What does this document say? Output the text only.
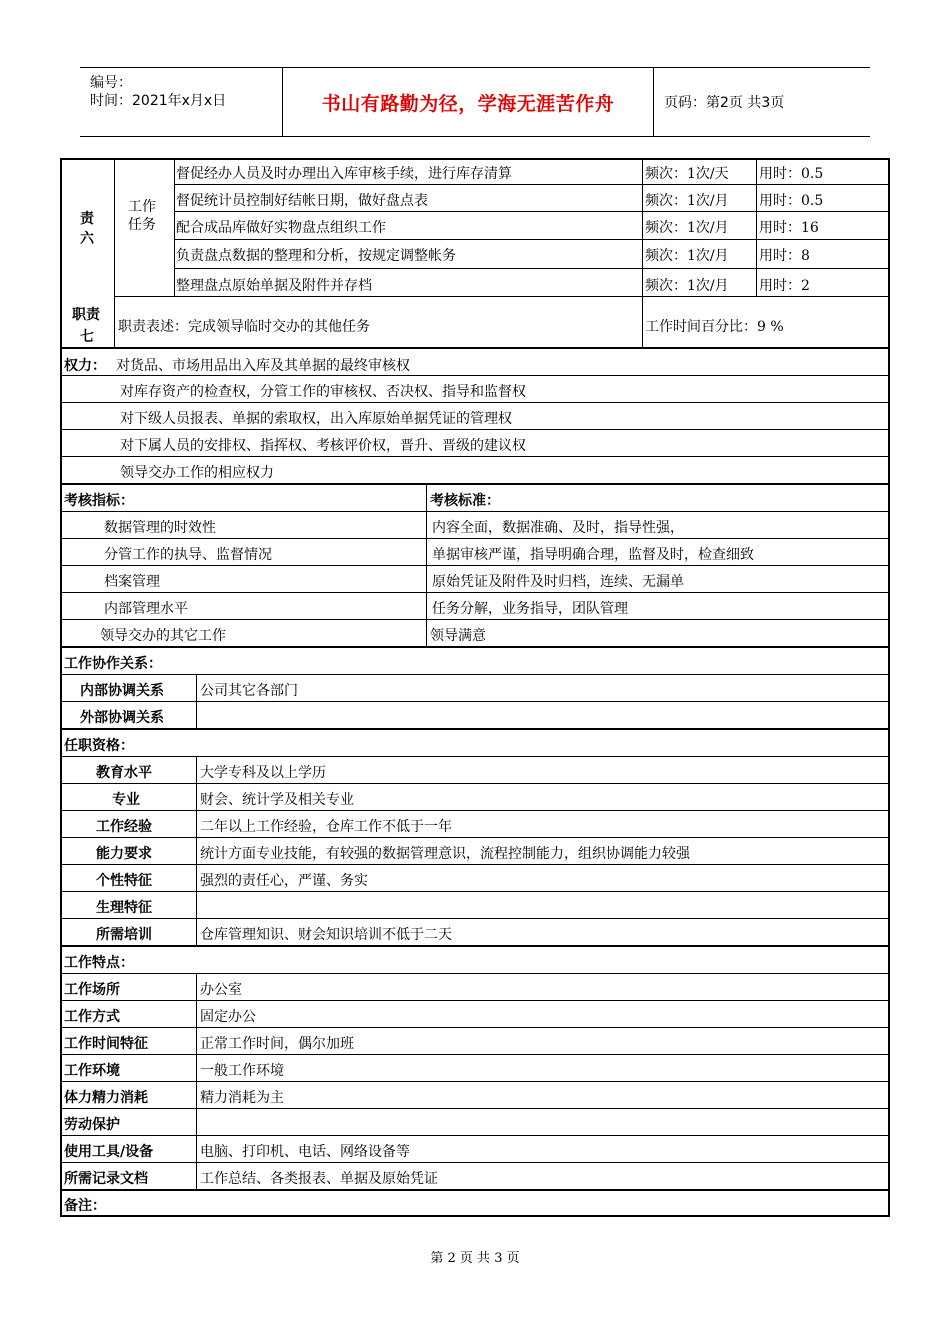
编号：
时间：2021年x月x日	书山有路勤为径，学海无涯苦作舟	页码：第2页 共3页
责
六
工作
任务
督促经办人员及时办理出入库审核手续，进行库存清算	频次：1次/天 用时：0.5
督促统计员控制好结帐日期，做好盘点表	频次：1次/月 用时：0.5
配合成品库做好实物盘点组织工作	频次：1次/月 用时：16
负责盘点数据的整理和分析，按规定调整帐务	频次：1次/月 用时：8
整理盘点原始单据及附件并存档	频次：1次/月 用时：2
职责
七
职责表述：完成领导临时交办的其他任务	工作时间百分比：9 %
权力： 对货品、市场用品出入库及其单据的最终审核权
对库存资产的检查权，分管工作的审核权、否决权、指导和监督权
对下级人员报表、单据的索取权，出入库原始单据凭证的管理权
对下属人员的安排权、指挥权、考核评价权，晋升、晋级的建议权
领导交办工作的相应权力
考核指标：	考核标准：
数据管理的时效性	内容全面，数据准确、及时，指导性强，
分管工作的执导、监督情况	单据审核严谨，指导明确合理，监督及时，检查细致
档案管理	原始凭证及附件及时归档，连续、无漏单
内部管理水平	任务分解，业务指导，团队管理
领导交办的其它工作	领导满意
工作协作关系：
内部协调关系	公司其它各部门
外部协调关系
任职资格：
教育水平	大学专科及以上学历
专业	财会、统计学及相关专业
工作经验	二年以上工作经验，仓库工作不低于一年
能力要求	统计方面专业技能，有较强的数据管理意识，流程控制能力，组织协调能力较强
个性特征	强烈的责任心，严谨、务实
生理特征
所需培训	仓库管理知识、财会知识培训不低于二天
工作特点：
工作场所	办公室
工作方式	固定办公
工作时间特征	正常工作时间，偶尔加班
工作环境	一般工作环境
体力精力消耗	精力消耗为主
劳动保护
使用工具/设备	电脑、打印机、电话、网络设备等
所需记录文档	工作总结、各类报表、单据及原始凭证
备注：
第 2 页 共 3 页
